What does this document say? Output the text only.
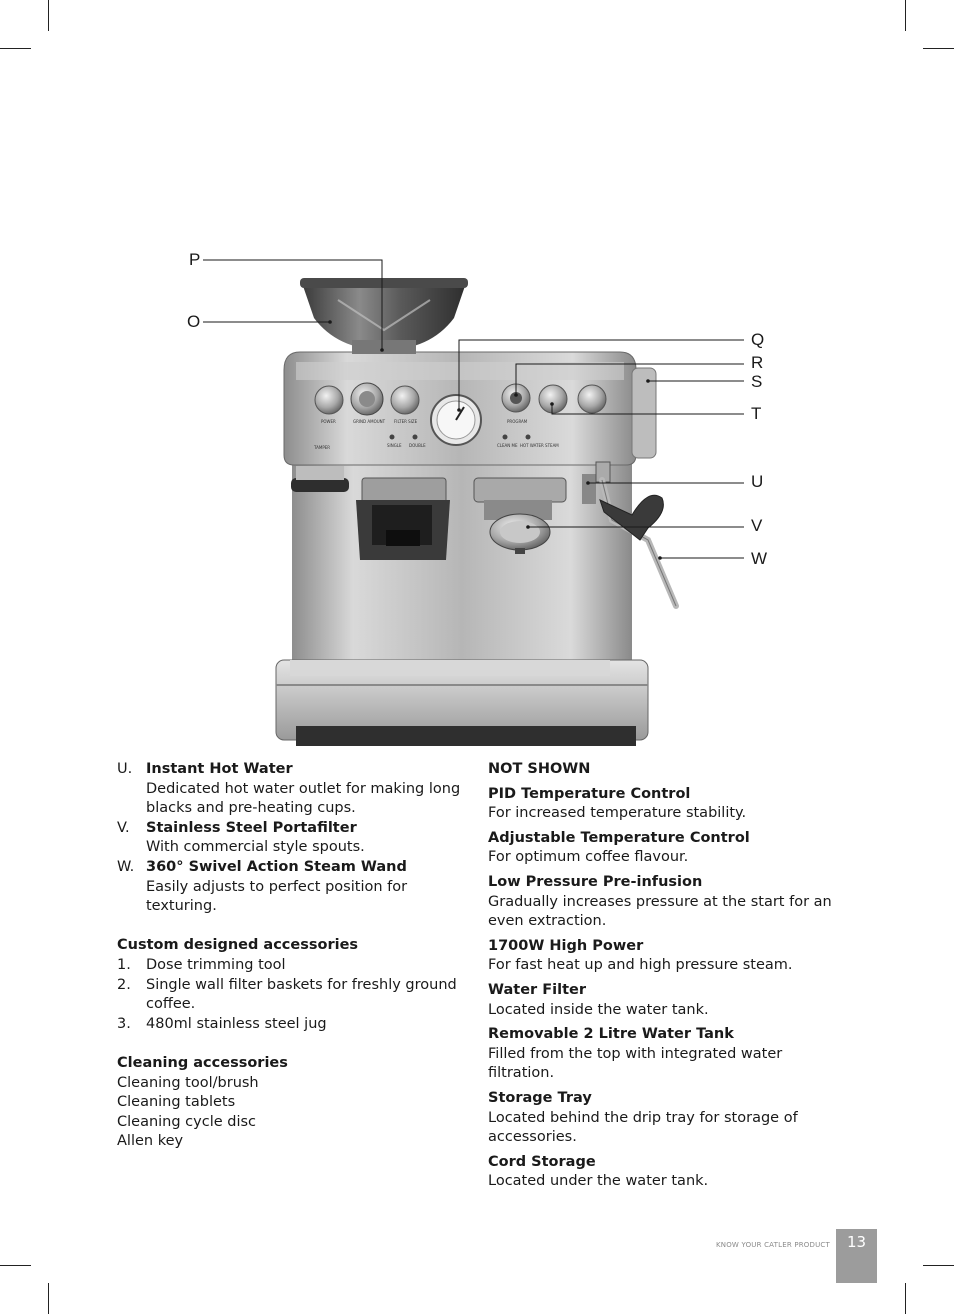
POWER	GRIND AMOUNT FILTER SIZE
SINGLE DOUBLE
PROGRAM
CLEAN ME HOT WATER STEAM
TAMPER
P
O
Q
R
S
T
U
V
W
U. Instant Hot Water
Dedicated hot water outlet for making long blacks and pre-heating cups.
V.	Stainless Steel Portafilter
With commercial style spouts.
W. 360° Swivel Action Steam Wand
Easily adjusts to perfect position for texturing.
Custom designed accessories
1.	Dose trimming tool
2.	Single wall filter baskets for freshly ground coffee.
3.	480ml stainless steel jug
Cleaning accessories
Cleaning tool/brush
Cleaning tablets
Cleaning cycle disc
Allen key
NOT SHOWN
PID Temperature Control
For increased temperature stability.
Adjustable Temperature Control
For optimum coffee flavour.
Low Pressure Pre-infusion
Gradually increases pressure at the start for an even extraction.
1700W High Power
For fast heat up and high pressure steam.
Water Filter
Located inside the water tank.
Removable 2 Litre Water Tank
Filled from the top with integrated water filtration.
Storage Tray
Located behind the drip tray for storage of accessories.
Cord Storage
Located under the water tank.
KNOW YOUR CATLER PRODUCT	13
